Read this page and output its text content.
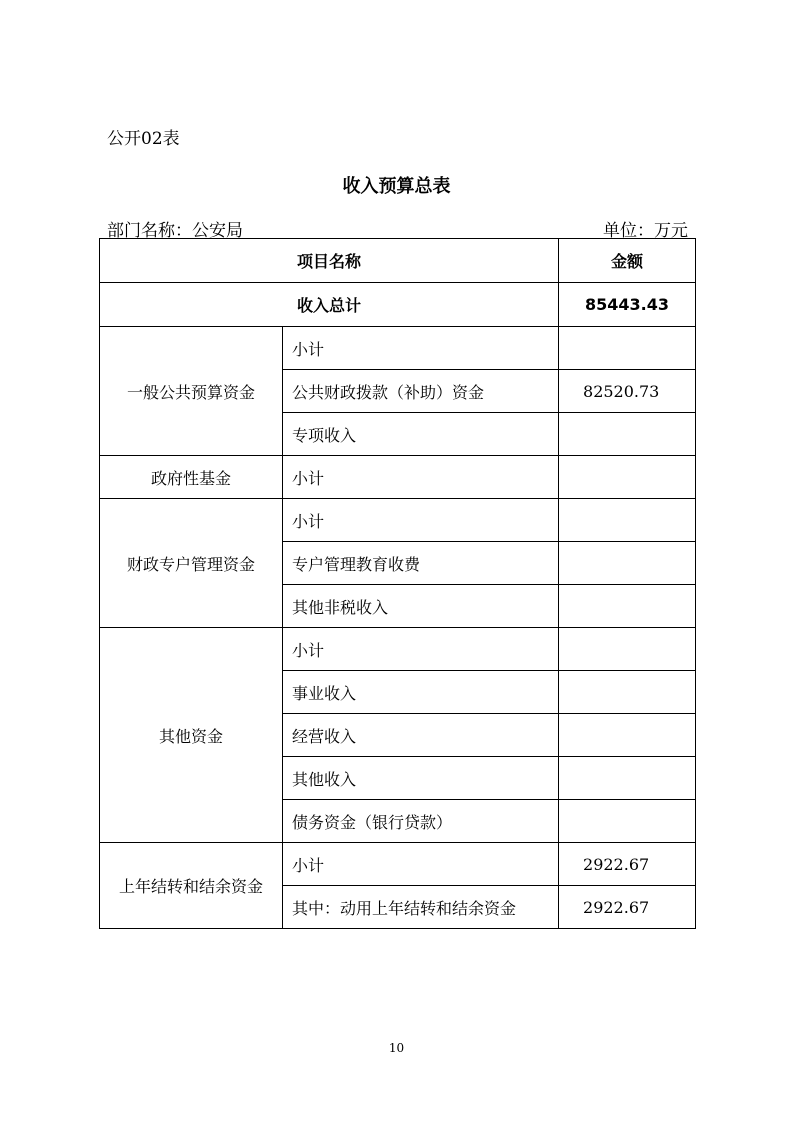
公开02表
收入预算总表
部门名称：公安局	单位：万元
项目名称		金额
收入总计		85443.43
一般公共预算资金	小计	
	公共财政拨款（补助）资金	82520.73
	专项收入	
政府性基金	小计	
财政专户管理资金	小计	
	专户管理教育收费	
	其他非税收入	
其他资金	小计	
	事业收入	
	经营收入	
	其他收入	
	债务资金（银行贷款）	
上年结转和结余资金	小计	2922.67
	其中：动用上年结转和结余资金	2922.67
10
